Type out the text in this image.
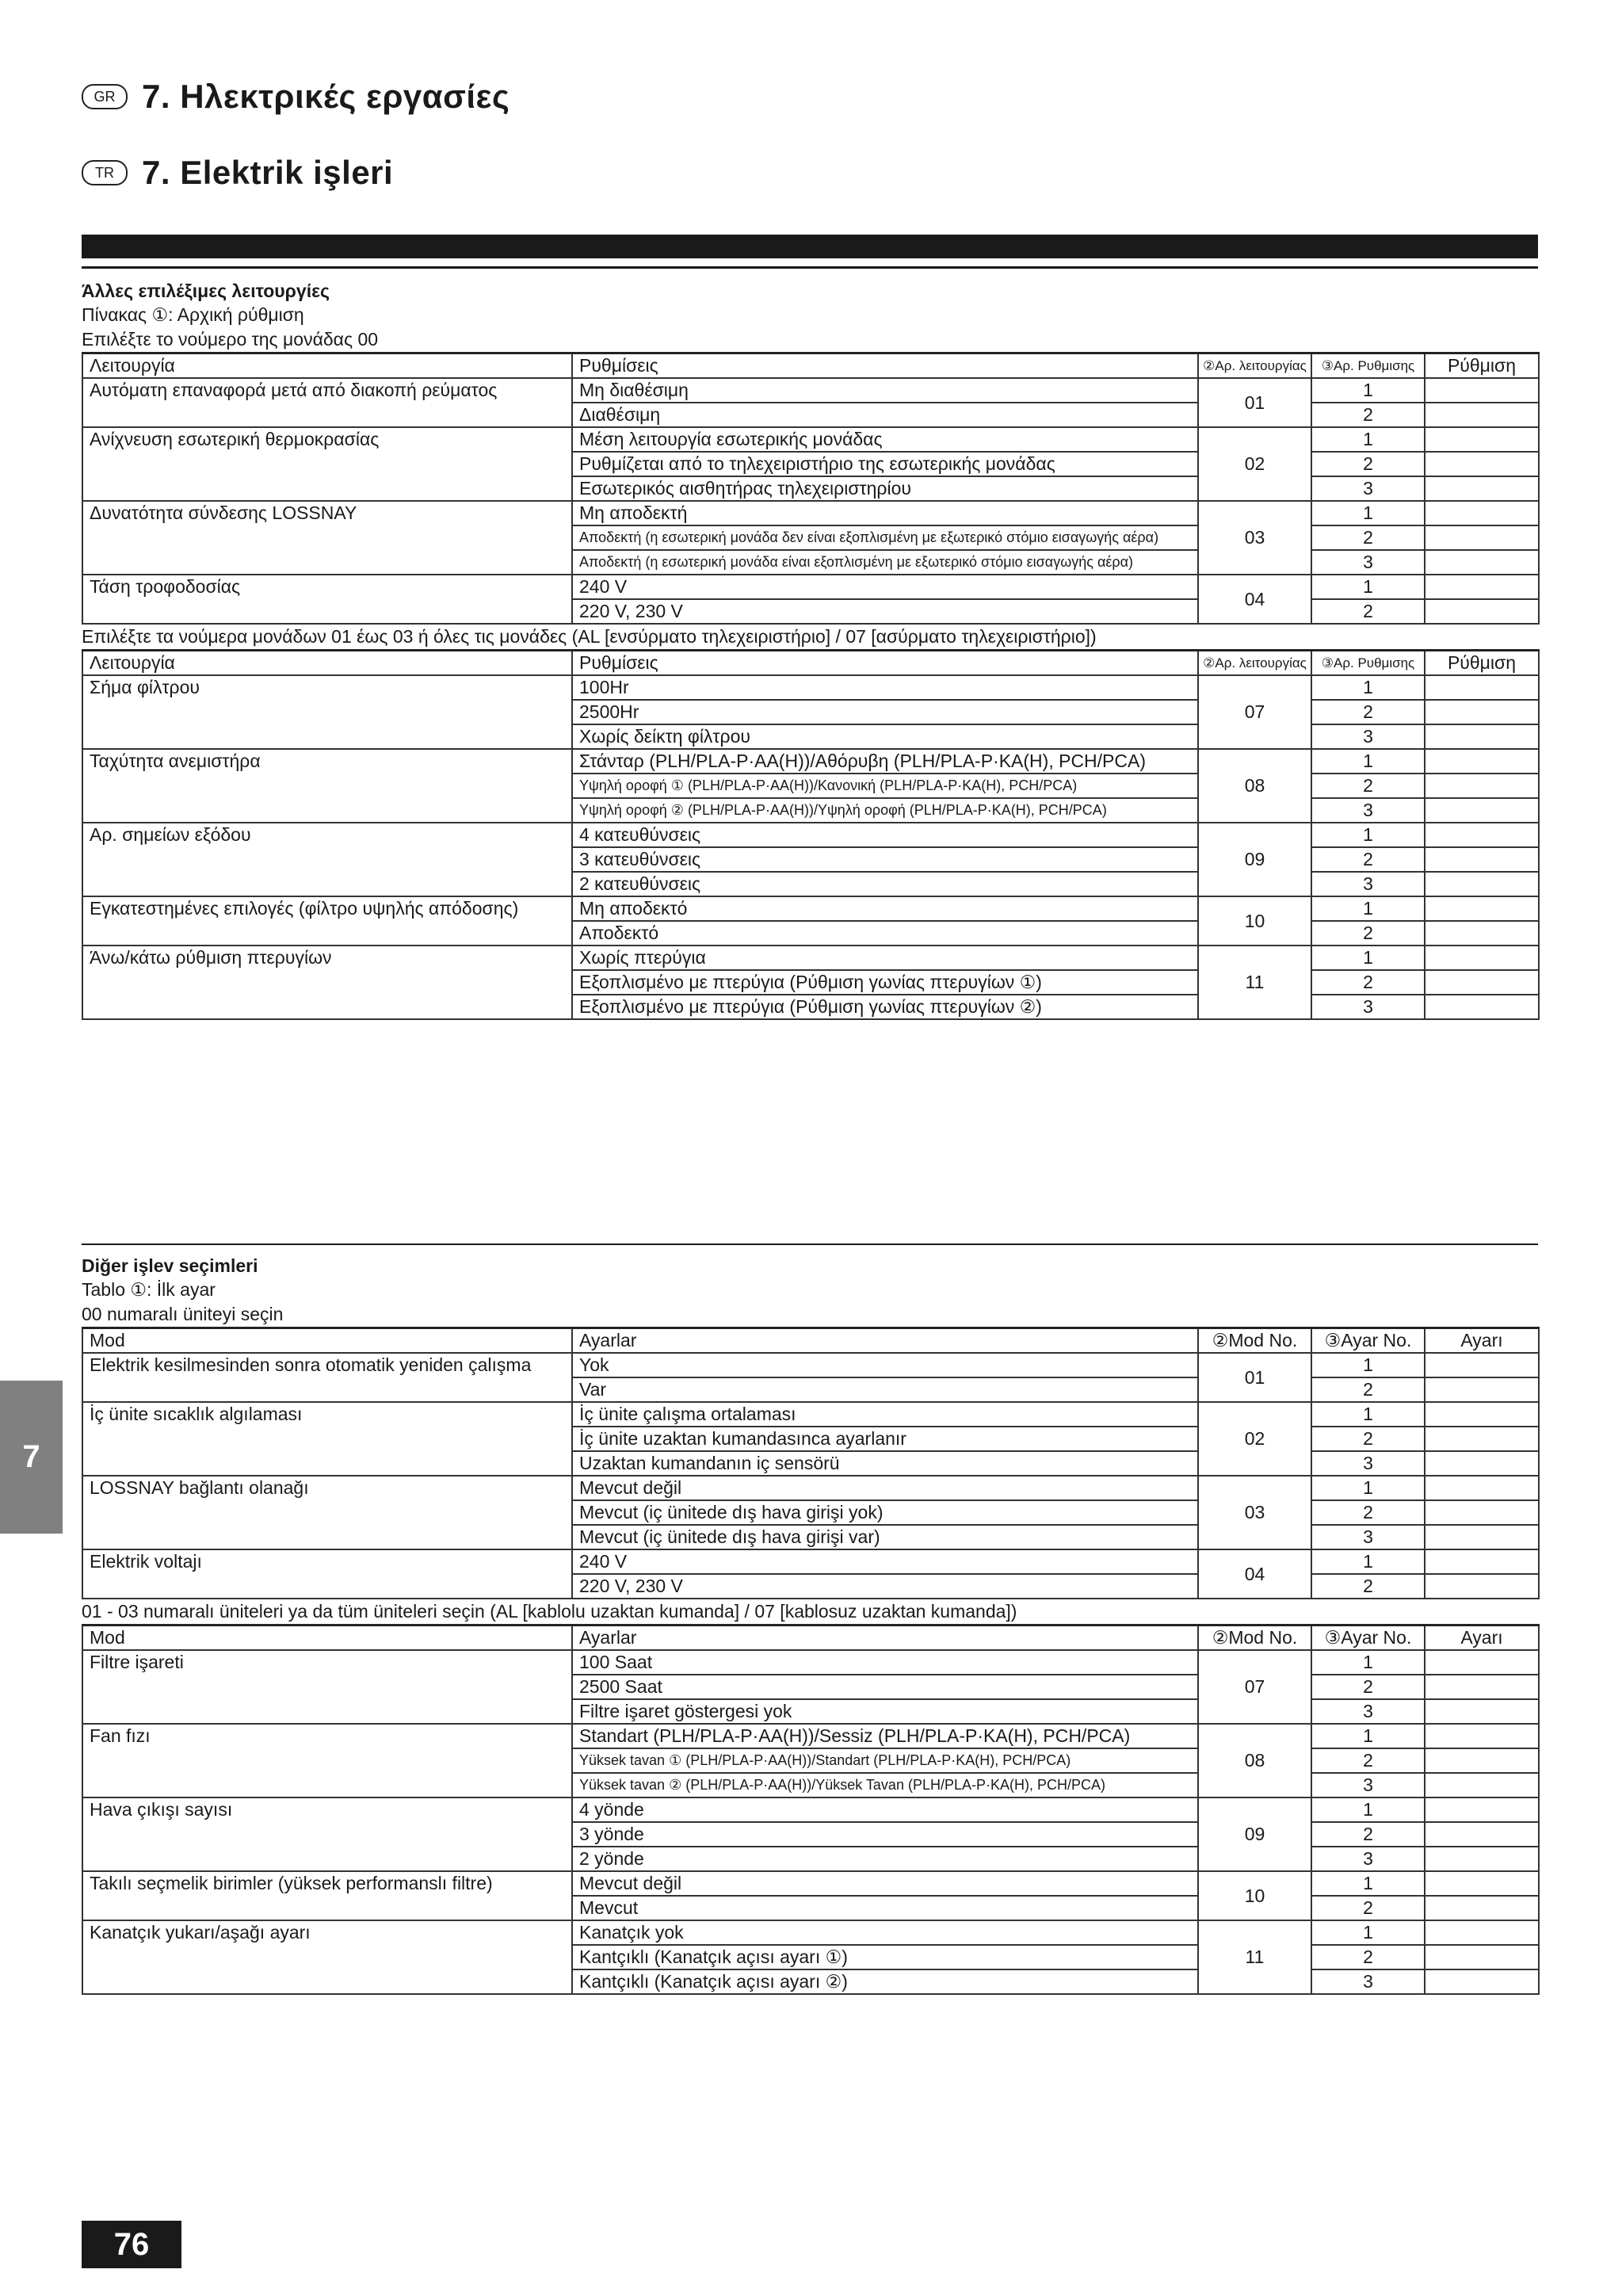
GR 7. Ηλεκτρικές εργασίες
TR 7. Elektrik işleri
Άλλες επιλέξιμες λειτουργίες
Πίνακας ①: Αρχική ρύθμιση
Επιλέξτε το νούμερο της μονάδας 00
Λειτουργία	Ρυθμίσεις	②Αρ. λειτουργίας	③Αρ. Ρυθμισης	Ρύθμιση
Αυτόματη επαναφορά μετά από διακοπή ρεύματος	Μη διαθέσιμη	01	1	
	Διαθέσιμη		2	
Ανίχνευση εσωτερική θερμοκρασίας	Μέση λειτουργία εσωτερικής μονάδας	02	1	
	Ρυθμίζεται από το τηλεχειριστήριο της εσωτερικής μονάδας		2	
	Εσωτερικός αισθητήρας τηλεχειριστηρίου		3	
Δυνατότητα σύνδεσης LOSSNAY	Μη αποδεκτή	03	1	
	Αποδεκτή (η εσωτερική μονάδα δεν είναι εξοπλισμένη με εξωτερικό στόμιο εισαγωγής αέρα)		2	
	Αποδεκτή (η εσωτερική μονάδα είναι εξοπλισμένη με εξωτερικό στόμιο εισαγωγής αέρα)		3	
Τάση τροφοδοσίας	240 V	04	1	
	220 V, 230 V		2	
Επιλέξτε τα νούμερα μονάδων 01 έως 03 ή όλες τις μονάδες (AL [ενσύρματο τηλεχειριστήριο] / 07 [ασύρματο τηλεχειριστήριο])
Λειτουργία	Ρυθμίσεις	②Αρ. λειτουργίας	③Αρ. Ρυθμισης	Ρύθμιση
Σήμα φίλτρου	100Hr	07	1	
	2500Hr		2	
	Χωρίς δείκτη φίλτρου		3	
Ταχύτητα ανεμιστήρα	Στάνταρ (PLH/PLA-P·AA(H))/Αθόρυβη (PLH/PLA-P·KA(H), PCH/PCA)	08	1	
	Υψηλή οροφή ① (PLH/PLA-P·AA(H))/Κανονική (PLH/PLA-P·KA(H), PCH/PCA)		2	
	Υψηλή οροφή ② (PLH/PLA-P·AA(H))/Υψηλή οροφή (PLH/PLA-P·KA(H), PCH/PCA)		3	
Αρ. σημείων εξόδου	4 κατευθύνσεις	09	1	
	3 κατευθύνσεις		2	
	2 κατευθύνσεις		3	
Εγκατεστημένες επιλογές (φίλτρο υψηλής απόδοσης)	Μη αποδεκτό	10	1	
	Αποδεκτό		2	
Άνω/κάτω ρύθμιση πτερυγίων	Χωρίς πτερύγια	11	1	
	Εξοπλισμένο με πτερύγια (Ρύθμιση γωνίας πτερυγίων ①)		2	
	Εξοπλισμένο με πτερύγια (Ρύθμιση γωνίας πτερυγίων ②)		3	
Diğer işlev seçimleri
Tablo ①: İlk ayar
00 numaralı üniteyi seçin
Mod	Ayarlar	②Mod No.	③Ayar No.	Ayarı
Elektrik kesilmesinden sonra otomatik yeniden çalışma	Yok	01	1	
	Var		2	
İç ünite sıcaklık algılaması	İç ünite çalışma ortalaması	02	1	
	İç ünite uzaktan kumandasınca ayarlanır		2	
	Uzaktan kumandanın iç sensörü		3	
LOSSNAY bağlantı olanağı	Mevcut değil	03	1	
	Mevcut (iç ünitede dış hava girişi yok)		2	
	Mevcut (iç ünitede dış hava girişi var)		3	
Elektrik voltajı	240 V	04	1	
	220 V, 230 V		2	
01 - 03 numaralı üniteleri ya da tüm üniteleri seçin (AL [kablolu uzaktan kumanda] / 07 [kablosuz uzaktan kumanda])
Mod	Ayarlar	②Mod No.	③Ayar No.	Ayarı
Filtre işareti	100 Saat	07	1	
	2500 Saat		2	
	Filtre işaret göstergesi yok		3	
Fan fızı	Standart (PLH/PLA-P·AA(H))/Sessiz (PLH/PLA-P·KA(H), PCH/PCA)	08	1	
	Yüksek tavan ① (PLH/PLA-P·AA(H))/Standart (PLH/PLA-P·KA(H), PCH/PCA)		2	
	Yüksek tavan ② (PLH/PLA-P·AA(H))/Yüksek Tavan (PLH/PLA-P·KA(H), PCH/PCA)		3	
Hava çıkışı sayısı	4 yönde	09	1	
	3 yönde		2	
	2 yönde		3	
Takılı seçmelik birimler (yüksek performanslı filtre)	Mevcut değil	10	1	
	Mevcut		2	
Kanatçık yukarı/aşağı ayarı	Kanatçık yok	11	1	
	Kantçıklı (Kanatçık açısı ayarı ①)		2	
	Kantçıklı (Kanatçık açısı ayarı ②)		3	
7
76
